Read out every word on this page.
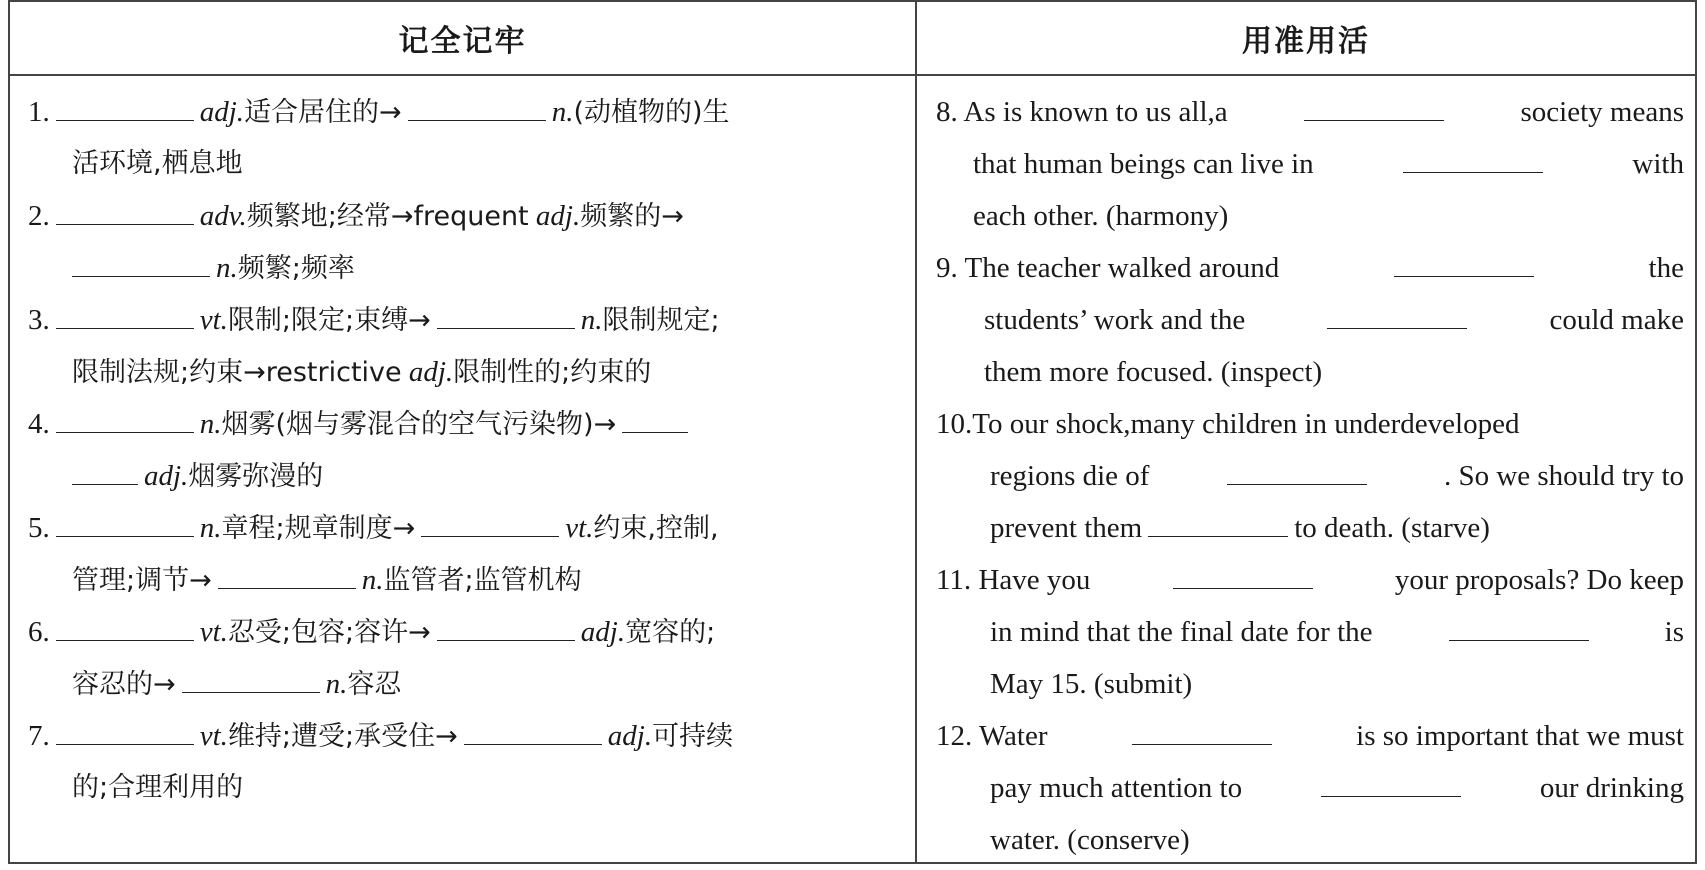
记全记牢	用准用活
1.	adj. 适合居住的→	n. (动植物的)生
活环境,栖息地
2.	adv. 频繁地;经常→frequent
adj. 频繁的→
n. 频繁;频率
3.	vt. 限制;限定;束缚→	n. 限制规定;
限制法规;约束→restrictive
adj. 限制性的;约束的
4.	n. 烟雾(烟与雾混合的空气污染物)→
adj. 烟雾弥漫的
5.	n. 章程;规章制度→	vt. 约束,控制,
管理;调节→	n. 监管者;监管机构
6.	vt. 忍受;包容;容许→	adj. 宽容的;
容忍的→	n. 容忍
7.	vt. 维持;遭受;承受住→	adj. 可持续
的;合理利用的
8. As is known to us all,a	society means
that human beings can live in	with
each other. (harmony)
9. The teacher walked around	the
students’ work and the	could make
them more focused. (inspect)
10. To our shock,many children in underdeveloped
regions die of	. So we should try to
prevent them	to death. (starve)
11. Have you	your proposals? Do keep
in mind that the final date for the	is
May 15. (submit)
12. Water	is so important that we must
pay much attention to	our drinking
water. (conserve)
